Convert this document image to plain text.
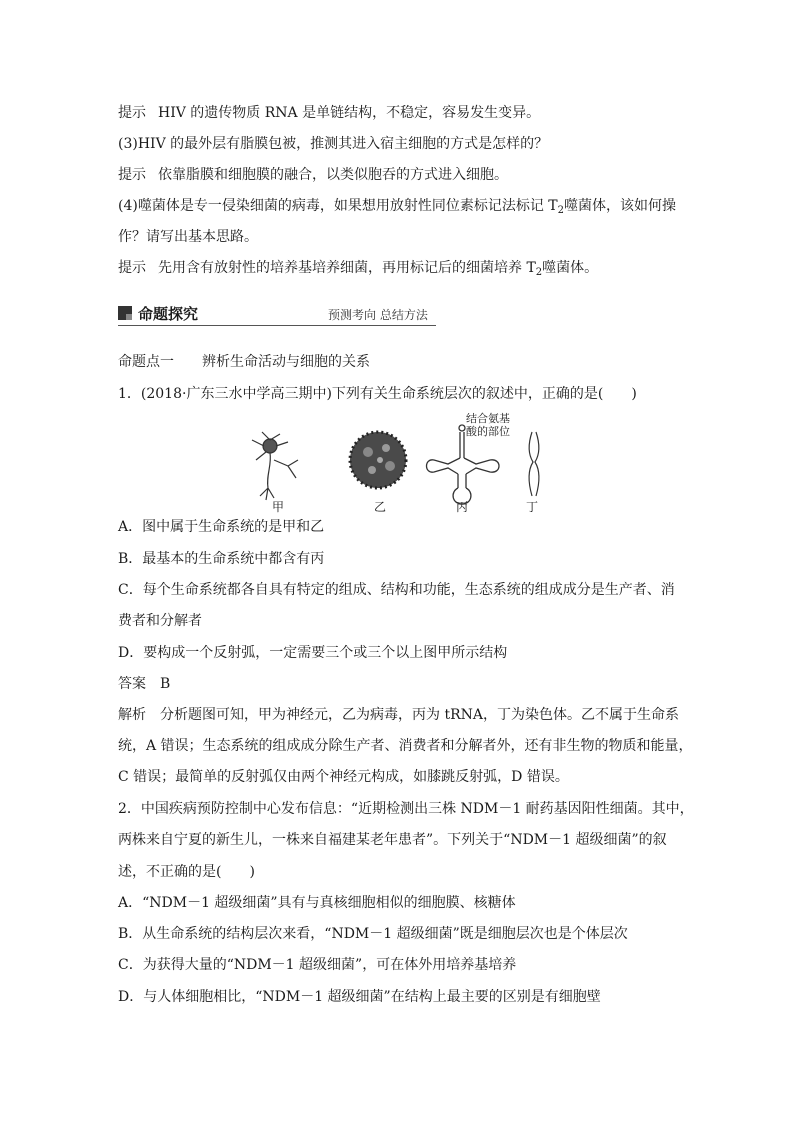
提示 HIV 的遗传物质 RNA 是单链结构，不稳定，容易发生变异。
(3)HIV 的最外层有脂膜包被，推测其进入宿主细胞的方式是怎样的？
提示 依靠脂膜和细胞膜的融合，以类似胞吞的方式进入细胞。
(4)噬菌体是专一侵染细菌的病毒，如果想用放射性同位素标记法标记 $T_2$噬菌体，该如何操
作？请写出基本思路。
提示 先用含有放射性的培养基培养细菌，再用标记后的细菌培养 $T_2$噬菌体。
命题探究	预测考向 总结方法
命题点一 辨析生命活动与细胞的关系
1．(2018·广东三水中学高三期中)下列有关生命系统层次的叙述中，正确的是(　　)
结合氨基
酸的部位
甲	乙	丙	丁
A．图中属于生命系统的是甲和乙
B．最基本的生命系统中都含有丙
C．每个生命系统都各自具有特定的组成、结构和功能，生态系统的组成成分是生产者、消
费者和分解者
D．要构成一个反射弧，一定需要三个或三个以上图甲所示结构
答案　B
解析　分析题图可知，甲为神经元，乙为病毒，丙为 tRNA，丁为染色体。乙不属于生命系
统，A 错误；生态系统的组成成分除生产者、消费者和分解者外，还有非生物的物质和能量，
C 错误；最简单的反射弧仅由两个神经元构成，如膝跳反射弧，D 错误。
2．中国疾病预防控制中心发布信息：“近期检测出三株 NDM－1 耐药基因阳性细菌。其中，
两株来自宁夏的新生儿，一株来自福建某老年患者”。下列关于“NDM－1 超级细菌”的叙
述，不正确的是(　　)
A．“NDM－1 超级细菌”具有与真核细胞相似的细胞膜、核糖体
B．从生命系统的结构层次来看，“NDM－1 超级细菌”既是细胞层次也是个体层次
C．为获得大量的“NDM－1 超级细菌”，可在体外用培养基培养
D．与人体细胞相比，“NDM－1 超级细菌”在结构上最主要的区别是有细胞壁
